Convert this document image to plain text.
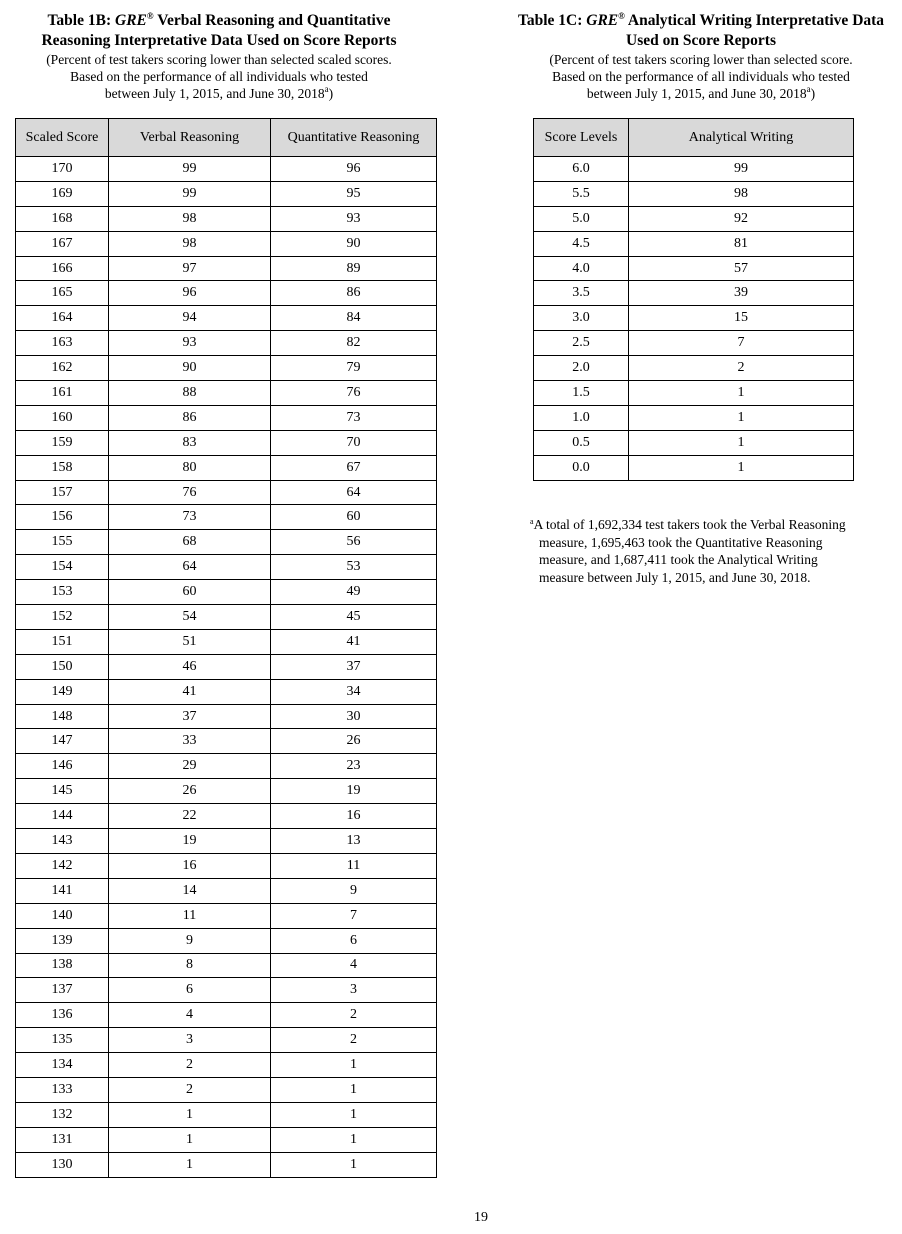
Table 1B: GRE® Verbal Reasoning and Quantitative Reasoning Interpretative Data Used on Score Reports
(Percent of test takers scoring lower than selected scaled scores.
Based on the performance of all individuals who tested
between July 1, 2015, and June 30, 2018$^a$)
Scaled Score	Verbal Reasoning	Quantitative Reasoning
170	99	96
169	99	95
168	98	93
167	98	90
166	97	89
165	96	86
164	94	84
163	93	82
162	90	79
161	88	76
160	86	73
159	83	70
158	80	67
157	76	64
156	73	60
155	68	56
154	64	53
153	60	49
152	54	45
151	51	41
150	46	37
149	41	34
148	37	30
147	33	26
146	29	23
145	26	19
144	22	16
143	19	13
142	16	11
141	14	9
140	11	7
139	9	6
138	8	4
137	6	3
136	4	2
135	3	2
134	2	1
133	2	1
132	1	1
131	1	1
130	1	1
Table 1C: GRE® Analytical Writing Interpretative Data Used on Score Reports
(Percent of test takers scoring lower than selected score.
Based on the performance of all individuals who tested
between July 1, 2015, and June 30, 2018$^a$)
Score Levels	Analytical Writing
6.0	99
5.5	98
5.0	92
4.5	81
4.0	57
3.5	39
3.0	15
2.5	7
2.0	2
1.5	1
1.0	1
0.5	1
0.0	1
$^a$A total of 1,692,334 test takers took the Verbal Reasoning
measure, 1,695,463 took the Quantitative Reasoning
measure, and 1,687,411 took the Analytical Writing
measure between July 1, 2015, and June 30, 2018.
19
